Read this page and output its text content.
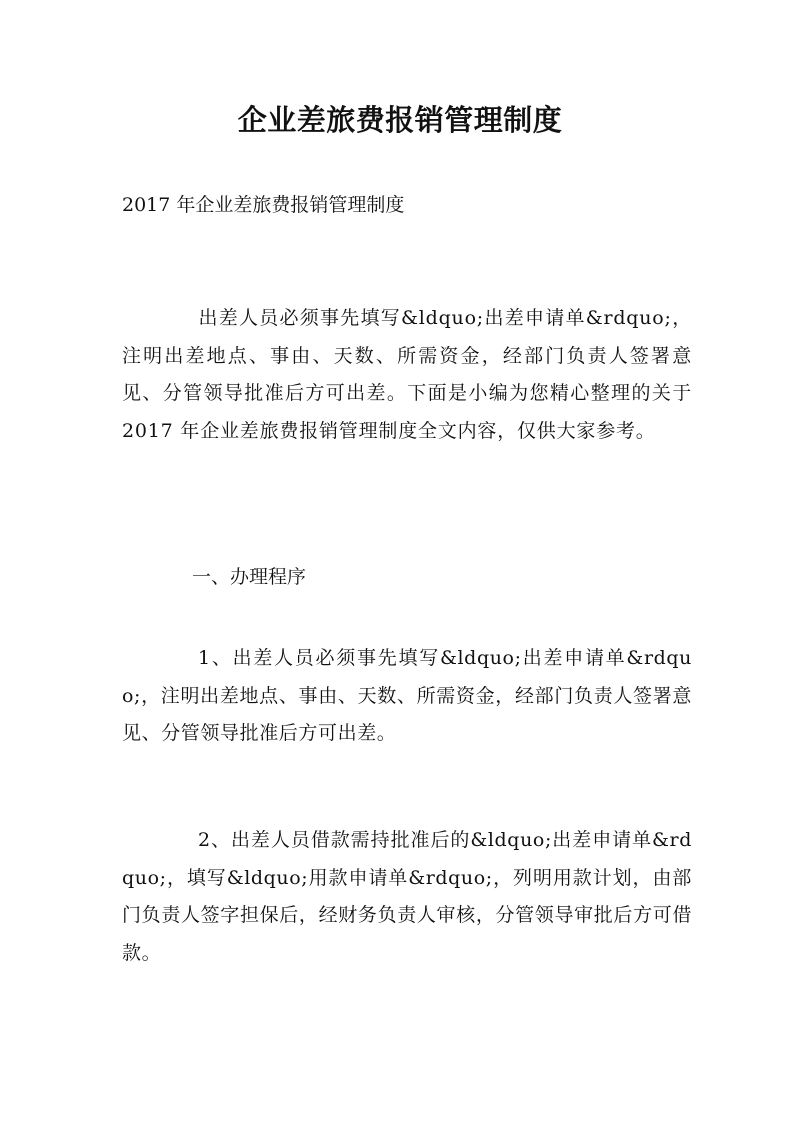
企业差旅费报销管理制度
2017 年企业差旅费报销管理制度
出差人员必须事先填写&ldquo;出差申请单&rdquo;，注明出差地点、事由、天数、所需资金，经部门负责人签署意见、分管领导批准后方可出差。下面是小编为您精心整理的关于 2017 年企业差旅费报销管理制度全文内容，仅供大家参考。
一、办理程序
1、出差人员必须事先填写&ldquo;出差申请单&rdquo;，注明出差地点、事由、天数、所需资金，经部门负责人签署意见、分管领导批准后方可出差。
2、出差人员借款需持批准后的&ldquo;出差申请单&rdquo;，填写&ldquo;用款申请单&rdquo;，列明用款计划，由部门负责人签字担保后，经财务负责人审核，分管领导审批后方可借款。
